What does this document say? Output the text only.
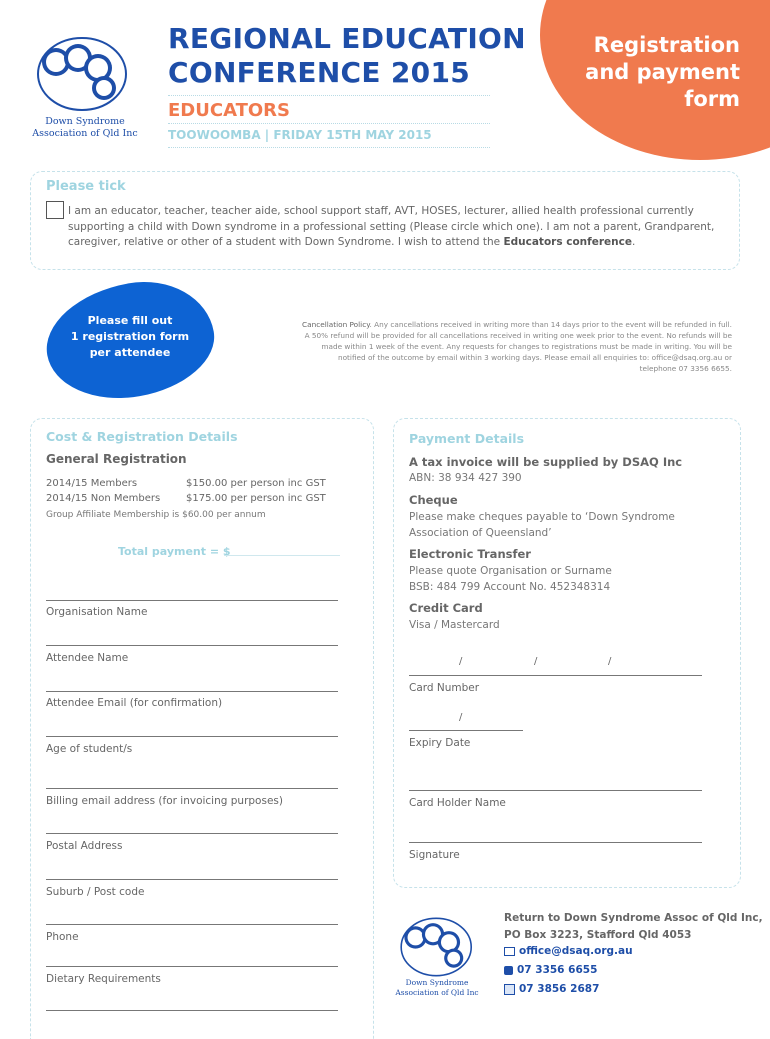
Down Syndrome
Association of Qld Inc
REGIONAL EDUCATION
CONFERENCE 2015
EDUCATORS
TOOWOOMBA | FRIDAY 15TH MAY 2015
Registration
and payment
form
Please tick
I am an educator, teacher, teacher aide, school support staff, AVT, HOSES, lecturer, allied health professional currently supporting a child with Down syndrome in a professional setting (Please circle which one). I am not a parent, Grandparent, caregiver, relative or other of a student with Down Syndrome. I wish to attend the Educators conference.
Please fill out
1 registration form
per attendee
Cancellation Policy. Any cancellations received in writing more than 14 days prior to the event will be refunded in full. A 50% refund will be provided for all cancellations received in writing one week prior to the event. No refunds will be made within 1 week of the event. Any requests for changes to registrations must be made in writing. You will be notified of the outcome by email within 3 working days. Please email all enquiries to: office@dsaq.org.au or telephone 07 3356 6655.
Cost & Registration Details
General Registration
2014/15 Members	$150.00 per person inc GST
2014/15 Non Members	$175.00 per person inc GST
Group Affiliate Membership is $60.00 per annum
Total payment = $
Organisation Name
Attendee Name
Attendee Email (for confirmation)
Age of student/s
Billing email address (for invoicing purposes)
Postal Address
Suburb / Post code
Phone
Dietary Requirements
Payment Details
A tax invoice will be supplied by DSAQ Inc
ABN: 38 934 427 390
Cheque
Please make cheques payable to ‘Down Syndrome
Association of Queensland’
Electronic Transfer
Please quote Organisation or Surname
BSB: 484 799 Account No. 452348314
Credit Card
Visa / Mastercard
/	/	/
Card Number
/
Expiry Date
Card Holder Name
Signature
Down Syndrome
Association of Qld Inc
Return to Down Syndrome Assoc of Qld Inc,
PO Box 3223, Stafford Qld 4053
office@dsaq.org.au
07 3356 6655
07 3856 2687
